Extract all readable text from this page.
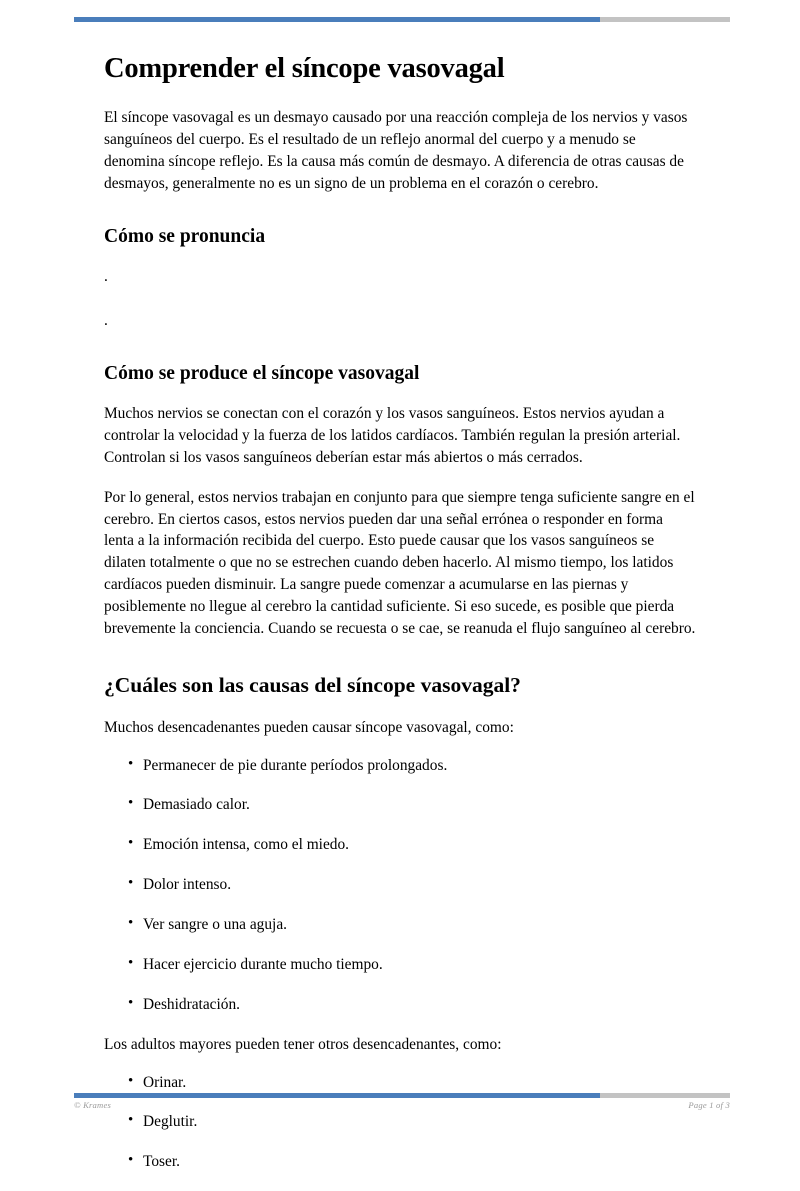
Comprender el síncope vasovagal

El síncope vasovagal es un desmayo causado por una reacción compleja de los nervios y vasos sanguíneos del cuerpo. Es el resultado de un reflejo anormal del cuerpo y a menudo se denomina síncope reflejo. Es la causa más común de desmayo. A diferencia de otras causas de desmayos, generalmente no es un signo de un problema en el corazón o cerebro.

Cómo se pronuncia
.
.
Cómo se produce el síncope vasovagal

Muchos nervios se conectan con el corazón y los vasos sanguíneos. Estos nervios ayudan a controlar la velocidad y la fuerza de los latidos cardíacos. También regulan la presión arterial. Controlan si los vasos sanguíneos deberían estar más abiertos o más cerrados.

Por lo general, estos nervios trabajan en conjunto para que siempre tenga suficiente sangre en el cerebro. En ciertos casos, estos nervios pueden dar una señal errónea o responder en forma lenta a la información recibida del cuerpo. Esto puede causar que los vasos sanguíneos se dilaten totalmente o que no se estrechen cuando deben hacerlo. Al mismo tiempo, los latidos cardíacos pueden disminuir. La sangre puede comenzar a acumularse en las piernas y posiblemente no llegue al cerebro la cantidad suficiente. Si eso sucede, es posible que pierda brevemente la conciencia. Cuando se recuesta o se cae, se reanuda el flujo sanguíneo al cerebro.

¿Cuáles son las causas del síncope vasovagal?

Muchos desencadenantes pueden causar síncope vasovagal, como:

• Permanecer de pie durante períodos prolongados.
• Demasiado calor.
• Emoción intensa, como el miedo.
• Dolor intenso.
• Ver sangre o una aguja.
• Hacer ejercicio durante mucho tiempo.
• Deshidratación.

Los adultos mayores pueden tener otros desencadenantes, como:

• Orinar.
• Deglutir.
• Toser.
© Krames	Page 1 of 3
